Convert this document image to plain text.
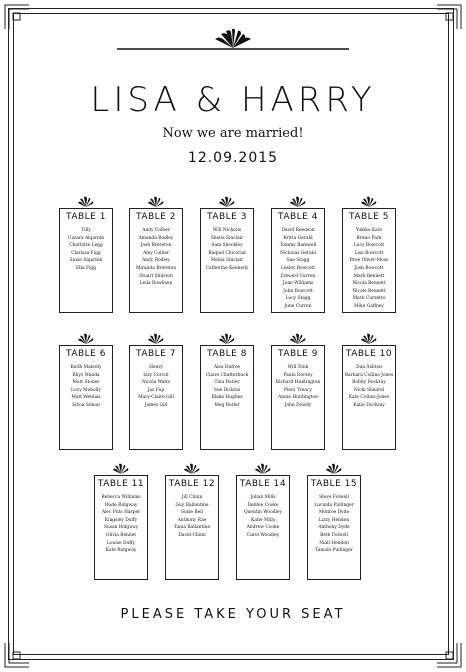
LISA & HARRY
Now we are married!
12.09.2015
TABLE 1
Tilly
Uzzara Alqarnib
Charlotte Legg
Clarissa Figg
Suzie Alqarnib
Ella Figg
TABLE 2
Andy Collier
Amanda Bodley
Josh Brereton
Amy Collier
Andy Bodley
Miranda Brereton
Stuart Shilston
Leila Rowlison
TABLE 3
Will Nicholls
Sheila Sinclair
Sam Shockley
Raquel Chicorad
Meilia Sinclair
Catherine Kennedy
TABLE 4
David Reedson
Britta Gerald
Tommy Bamwell
Nicholas Gerald
Sue Stagg
Lesley Bowcott
Edward Curren
June Williams
John Bowcott
Lucy Stagg
June Curren
TABLE 5
Yukiko Kato
Bruno Park
Lucy Bowcott
Lisa Bowcott
Bree Oliver-Moss
Josh Bowcott
Mark Bennett
Nicola Bennett
Nicole Bennett
Mark Curzetto
Mike Gaffney
TABLE 6
Keith Mabolly
Rhys Wanda
Matt Stones
Lucy Mabolly
Matt Wenbas
Silvia Simon
TABLE 7
Henry
Izzy Corcut
Nicola Watts
Jaz Fuji
Mary-Claire Gill
James Gill
TABLE 8
Alex Dufree
Claire Chatterbuck
Tina Butler
Sue Dickins
Blake Hughes
Meg Butler
TABLE 9
Will Tonk
Paula Dorsey
Richard Huntington
Piers Treacy
Annie Huntington
John Dowdy
TABLE 10
Dan Ashton
Barbara Collins-Jones
Bobby Dockray
Nicki Shearel
Kate Collins-Jones
Katie Dockray
TABLE 11
Rebecca Williams
Wade Ridgway
Alec Puts Harper
Kingsley Duffy
Susan Ridgway
Olivia Bennet
Louise Duffy
Kate Ridgway
TABLE 12
Jill Chinn
Guy Ballantine
Susie Bell
Anthony Rae
Tania Ballantine
David Chinn
TABLE 14
Julian Mills
Debbie Cooke
Quentin Woodley
Katie Mills
Andrew Cooke
Carol Woodley
TABLE 15
Steve Folwell
Lucinda Pullinger
Monroe Dyde
Lizzy Hendon
Anthony Dyde
Beth Folwell
Niall Hendon
Tamsin Pullinger
PLEASE TAKE YOUR SEAT
